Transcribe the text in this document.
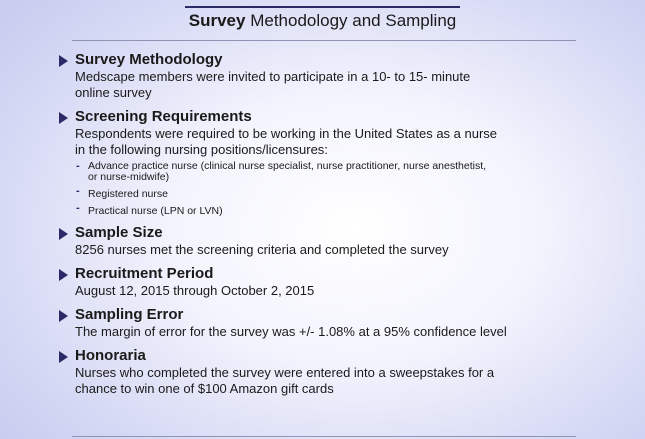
Survey Methodology and Sampling
Survey Methodology
Medscape members were invited to participate in a 10- to 15- minute
online survey
Screening Requirements
Respondents were required to be working in the United States as a nurse
in the following nursing positions/licensures:
- Advance practice nurse (clinical nurse specialist, nurse practitioner, nurse anesthetist,
or nurse-midwife)
- Registered nurse
- Practical nurse (LPN or LVN)
Sample Size
8256 nurses met the screening criteria and completed the survey
Recruitment Period
August 12, 2015 through October 2, 2015
Sampling Error
The margin of error for the survey was +/- 1.08% at a 95% confidence level
Honoraria
Nurses who completed the survey were entered into a sweepstakes for a
chance to win one of $100 Amazon gift cards
